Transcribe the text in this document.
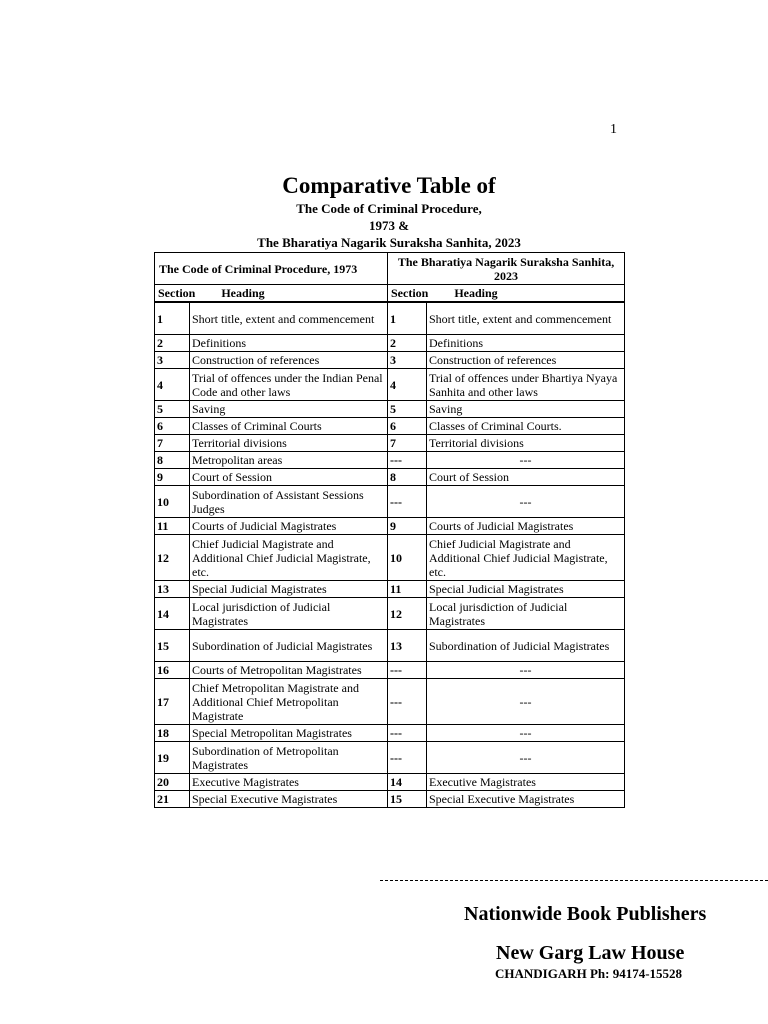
1

Comparative Table of

The Code of Criminal Procedure,

1973 &

The Bharatiya Nagarik Suraksha Sanhita, 2023

The Code of Criminal Procedure, 1973		The Bharatiya Nagarik Suraksha Sanhita, 2023	
Section Heading		Section Heading	
1	Short title, extent and commencement	1	Short title, extent and commencement
2	Definitions	2	Definitions
3	Construction of references	3	Construction of references
4	Trial of offences under the Indian Penal Code and other laws	4	Trial of offences under Bhartiya Nyaya Sanhita and other laws
5	Saving	5	Saving
6	Classes of Criminal Courts	6	Classes of Criminal Courts.
7	Territorial divisions	7	Territorial divisions
8	Metropolitan areas	---	---
9	Court of Session	8	Court of Session
10	Subordination of Assistant Sessions Judges	---	---
11	Courts of Judicial Magistrates	9	Courts of Judicial Magistrates
12	Chief Judicial Magistrate and Additional Chief Judicial Magistrate, etc.	10	Chief Judicial Magistrate and Additional Chief Judicial Magistrate, etc.
13	Special Judicial Magistrates	11	Special Judicial Magistrates
14	Local jurisdiction of Judicial Magistrates	12	Local jurisdiction of Judicial Magistrates
15	Subordination of Judicial Magistrates	13	Subordination of Judicial Magistrates
16	Courts of Metropolitan Magistrates	---	---
17	Chief Metropolitan Magistrate and Additional Chief Metropolitan Magistrate	---	---
18	Special Metropolitan Magistrates	---	---
19	Subordination of Metropolitan Magistrates	---	---
20	Executive Magistrates	14	Executive Magistrates
21	Special Executive Magistrates	15	Special Executive Magistrates
Nationwide Book Publishers
New Garg Law House
CHANDIGARH Ph: 94174-15528
